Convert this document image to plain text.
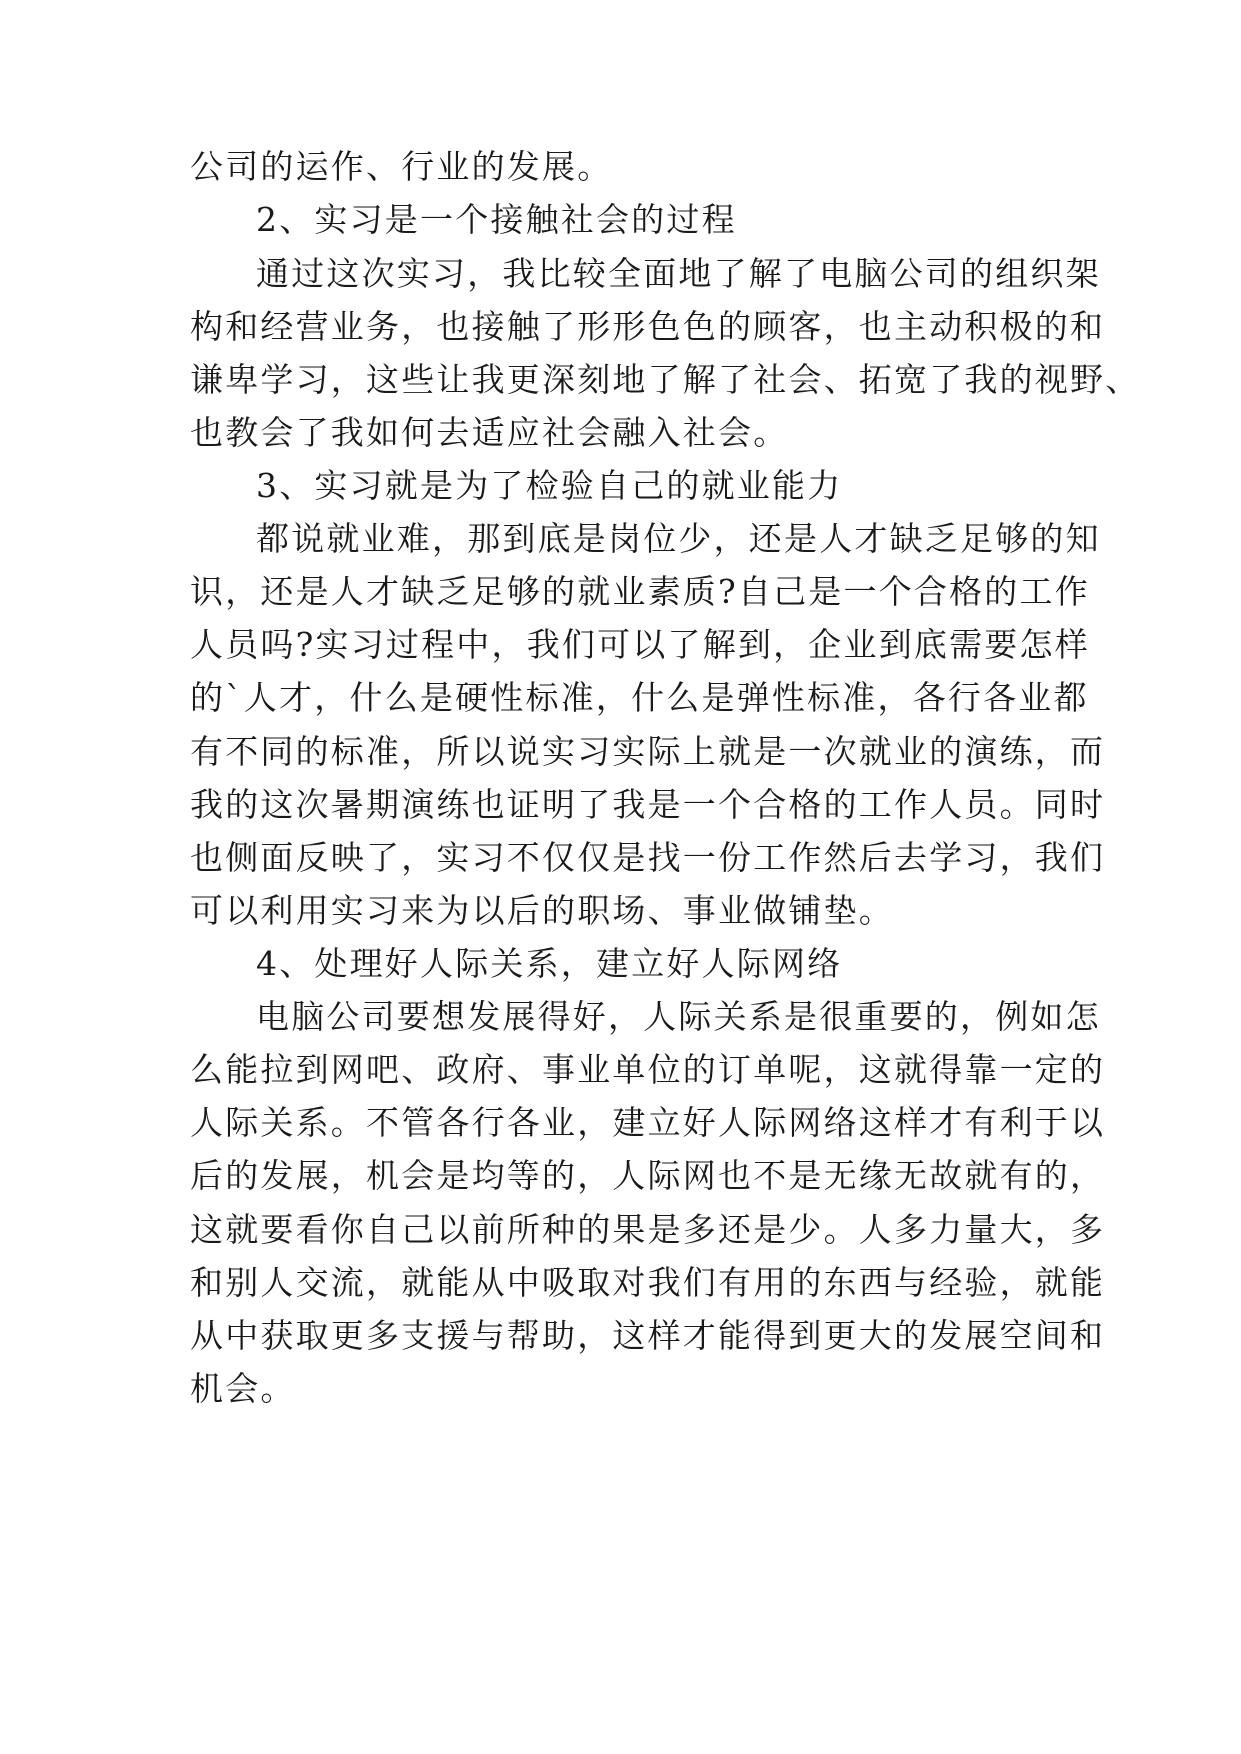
公司的运作、行业的发展。
2、实习是一个接触社会的过程
通过这次实习，我比较全面地了解了电脑公司的组织架
构和经营业务，也接触了形形色色的顾客，也主动积极的和
谦卑学习，这些让我更深刻地了解了社会、拓宽了我的视野、
也教会了我如何去适应社会融入社会。
3、实习就是为了检验自己的就业能力
都说就业难，那到底是岗位少，还是人才缺乏足够的知
识，还是人才缺乏足够的就业素质?自己是一个合格的工作
人员吗?实习过程中，我们可以了解到，企业到底需要怎样
的`人才，什么是硬性标准，什么是弹性标准，各行各业都
有不同的标准，所以说实习实际上就是一次就业的演练，而
我的这次暑期演练也证明了我是一个合格的工作人员。同时
也侧面反映了，实习不仅仅是找一份工作然后去学习，我们
可以利用实习来为以后的职场、事业做铺垫。
4、处理好人际关系，建立好人际网络
电脑公司要想发展得好，人际关系是很重要的，例如怎
么能拉到网吧、政府、事业单位的订单呢，这就得靠一定的
人际关系。不管各行各业，建立好人际网络这样才有利于以
后的发展，机会是均等的，人际网也不是无缘无故就有的，
这就要看你自己以前所种的果是多还是少。人多力量大，多
和别人交流，就能从中吸取对我们有用的东西与经验，就能
从中获取更多支援与帮助，这样才能得到更大的发展空间和
机会。
